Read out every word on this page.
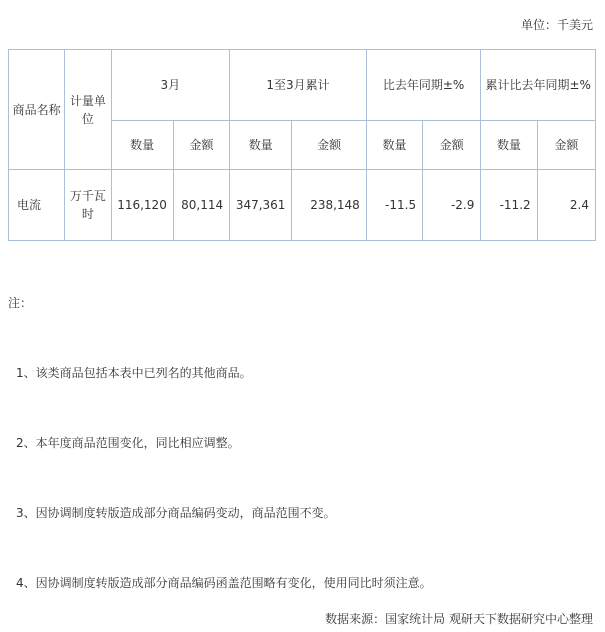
单位：千美元
商品名称	计量单位	3月		1至3月累计		比去年同期±%		累计比去年同期±%	
		数量	金额	数量	金额	数量	金额	数量	金额
电流	万千瓦时	116,120	80,114	347,361	238,148	-11.5	-2.9	-11.2	2.4
注：
1、该类商品包括本表中已列名的其他商品。
2、本年度商品范围变化，同比相应调整。
3、因协调制度转版造成部分商品编码变动，商品范围不变。
4、因协调制度转版造成部分商品编码函盖范围略有变化，使用同比时须注意。
数据来源：国家统计局 观研天下数据研究中心整理
